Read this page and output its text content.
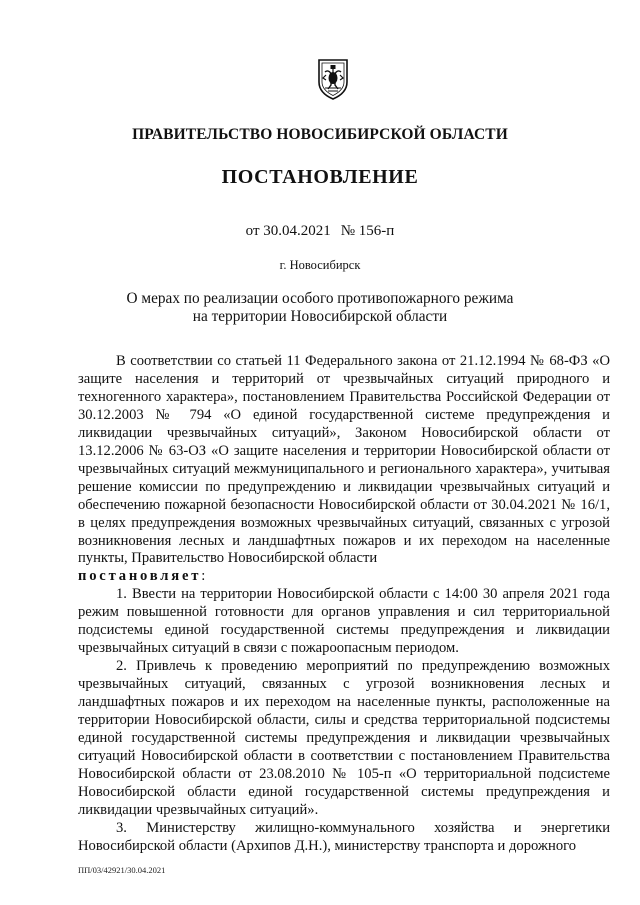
ПРАВИТЕЛЬСТВО НОВОСИБИРСКОЙ ОБЛАСТИ
ПОСТАНОВЛЕНИЕ
от 30.04.2021 № 156-п
г. Новосибирск
О мерах по реализации особого противопожарного режима
на территории Новосибирской области

В соответствии со статьей 11 Федерального закона от 21.12.1994 № 68-ФЗ «О защите населения и территорий от чрезвычайных ситуаций природного и техногенного характера», постановлением Правительства Российской Федерации от 30.12.2003 № 794 «О единой государственной системе предупреждения и ликвидации чрезвычайных ситуаций», Законом Новосибирской области от 13.12.2006 № 63-ОЗ «О защите населения и территории Новосибирской области от чрезвычайных ситуаций межмуниципального и регионального характера», учитывая решение комиссии по предупреждению и ликвидации чрезвычайных ситуаций и обеспечению пожарной безопасности Новосибирской области от 30.04.2021 № 16/1, в целях предупреждения возможных чрезвычайных ситуаций, связанных с угрозой возникновения лесных и ландшафтных пожаров и их переходом на населенные пункты, Правительство Новосибирской области
постановляет:

1. Ввести на территории Новосибирской области с 14:00 30 апреля 2021 года режим повышенной готовности для органов управления и сил территориальной подсистемы единой государственной системы предупреждения и ликвидации чрезвычайных ситуаций в связи с пожароопасным периодом.

2. Привлечь к проведению мероприятий по предупреждению возможных чрезвычайных ситуаций, связанных с угрозой возникновения лесных и ландшафтных пожаров и их переходом на населенные пункты, расположенные на территории Новосибирской области, силы и средства территориальной подсистемы единой государственной системы предупреждения и ликвидации чрезвычайных ситуаций Новосибирской области в соответствии с постановлением Правительства Новосибирской области от 23.08.2010 № 105-п «О территориальной подсистеме Новосибирской области единой государственной системы предупреждения и ликвидации чрезвычайных ситуаций».

3. Министерству жилищно-коммунального хозяйства и энергетики Новосибирской области (Архипов Д.Н.), министерству транспорта и дорожного

ПП/03/42921/30.04.2021
